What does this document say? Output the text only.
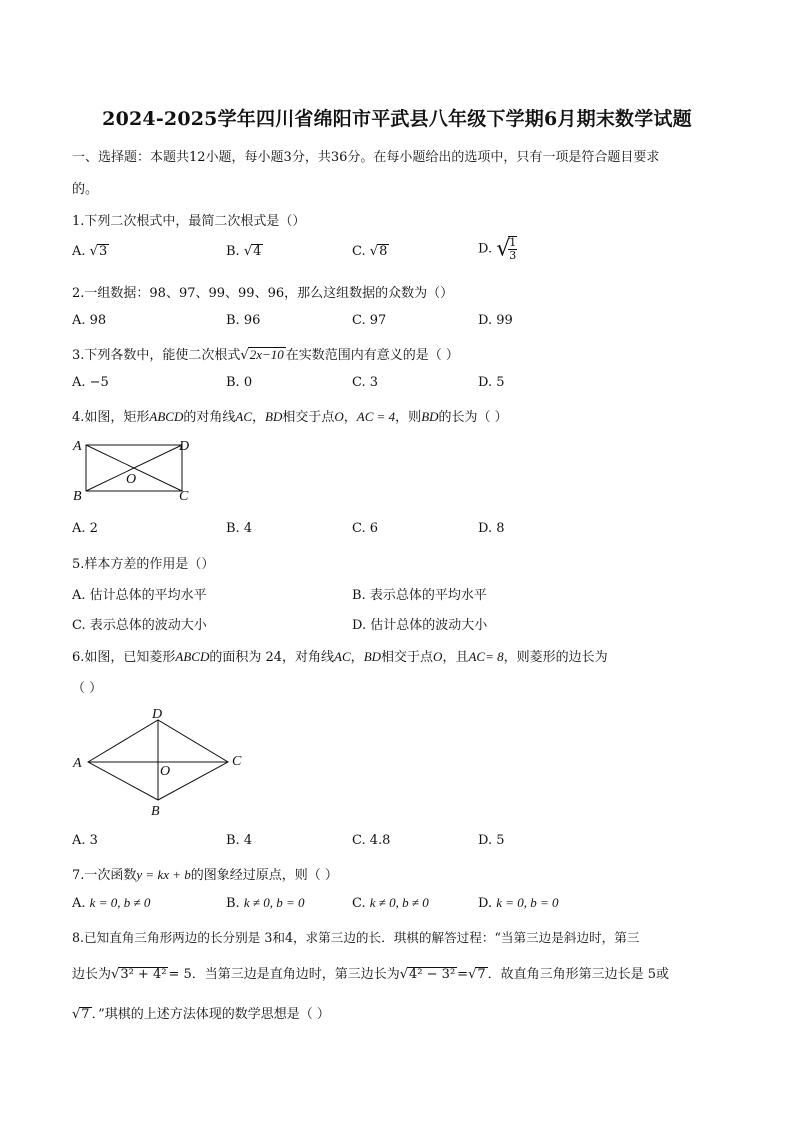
2024-2025学年四川省绵阳市平武县八年级下学期6月期末数学试题
一、选择题：本题共12小题，每小题3分，共36分。在每小题给出的选项中，只有一项是符合题目要求
的。
1.下列二次根式中，最简二次根式是（）
A. √3	B. √4	C. √8	D. √
$\frac{1}{3}$
2.一组数据：98、97、99、99、96，那么这组数据的众数为（）
A. 98	B. 96	C. 97	D. 99
3.下列各数中，能使二次根式√2x−10 在实数范围内有意义的是（ ）
A. −5	B. 0	C. 3	D. 5
4.如图，矩形ABCD的对角线AC，BD相交于点O，AC = 4，则BD的长为（ ）
A
B	C
D
O
A. 2	B. 4	C. 6	D. 8
5.样本方差的作用是（）
A. 估计总体的平均水平	B. 表示总体的平均水平
C. 表示总体的波动大小	D. 估计总体的波动大小
6.如图，已知菱形ABCD的面积为 24，对角线AC，BD相交于点O，且AC= 8，则菱形的边长为
（ ）
A
B
C
D
O
A. 3	B. 4	C. 4.8	D. 5
7.一次函数y = kx + b的图象经过原点，则（ ）
A. k = 0, b ≠ 0	B. k ≠ 0, b = 0	C. k ≠ 0, b ≠ 0	D. k = 0, b = 0
8.已知直角三角形两边的长分别是 3和4，求第三边的长．琪棋的解答过程：“当第三边是斜边时，第三
边长为√3² + 4² = 5．当第三边是直角边时，第三边长为√4² − 3² =√7 ．故直角三角形第三边长是 5或
√7 ．”琪棋的上述方法体现的数学思想是（ ）
